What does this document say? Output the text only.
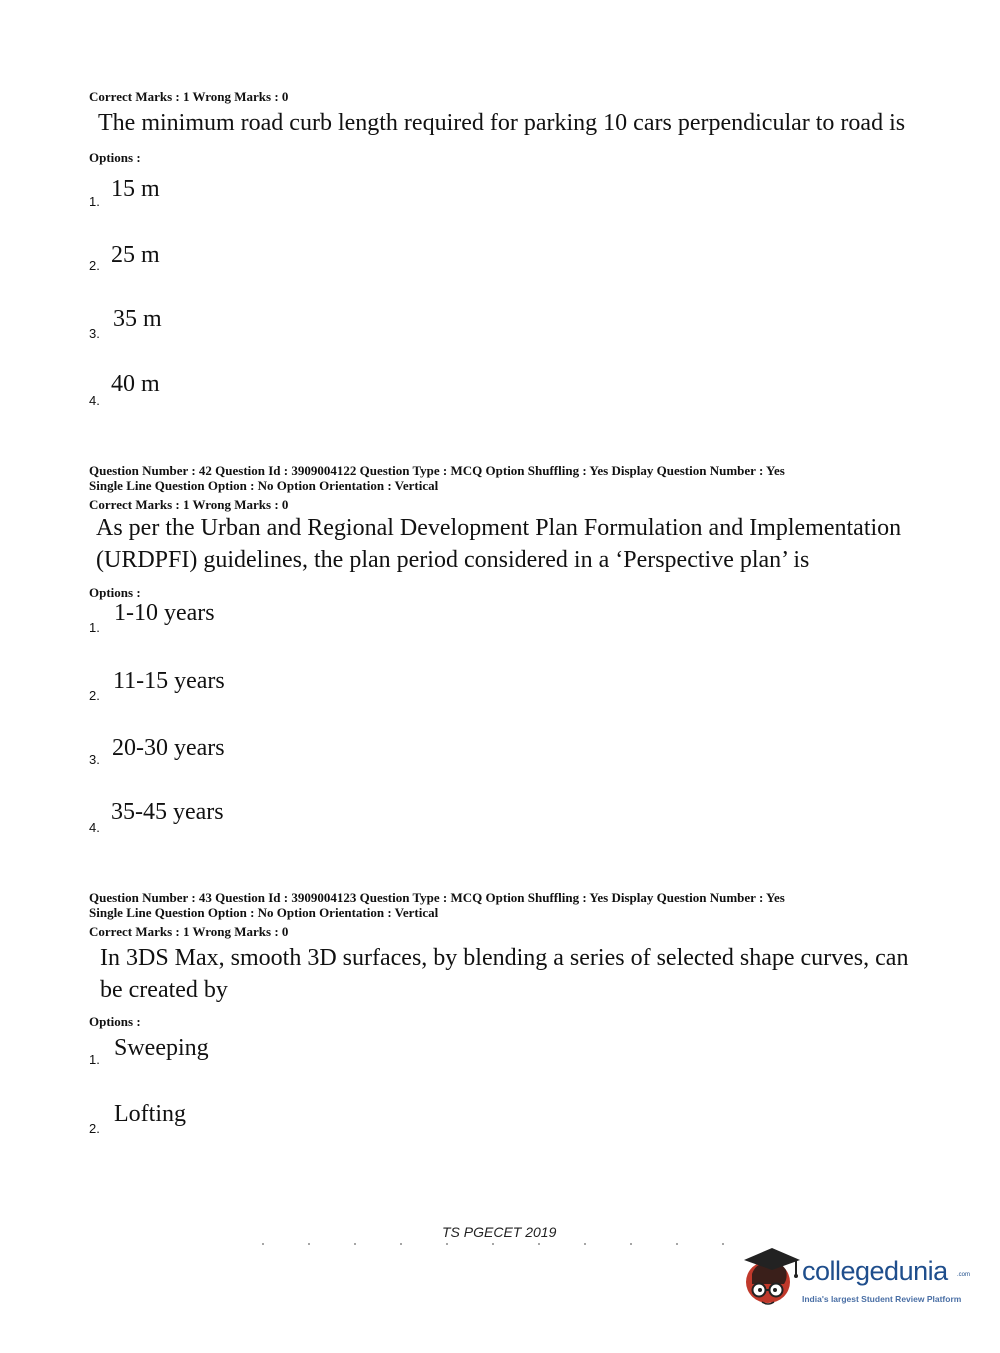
Correct Marks : 1 Wrong Marks : 0
The minimum road curb length required for parking 10 cars perpendicular to road is
Options :
1. 15 m
2. 25 m
3.
35 m
4.
40 m
Question Number : 42 Question Id : 3909004122 Question Type : MCQ Option Shuffling : Yes Display Question Number : Yes
Single Line Question Option : No Option Orientation : Vertical
Correct Marks : 1 Wrong Marks : 0
As per the Urban and Regional Development Plan Formulation and Implementation
(URDPFI) guidelines, the plan period considered in a ‘Perspective plan’ is
Options :
1.
1-10 years
2.
11-15 years
3. 20-30 years
4.
35-45 years
Question Number : 43 Question Id : 3909004123 Question Type : MCQ Option Shuffling : Yes Display Question Number : Yes
Single Line Question Option : No Option Orientation : Vertical
Correct Marks : 1 Wrong Marks : 0
In 3DS Max, smooth 3D surfaces, by blending a series of selected shape curves, can
be created by
Options :
1. Sweeping
2.
Lofting
TS PGECET 2019
collegedunia .com
India's largest Student Review Platform
